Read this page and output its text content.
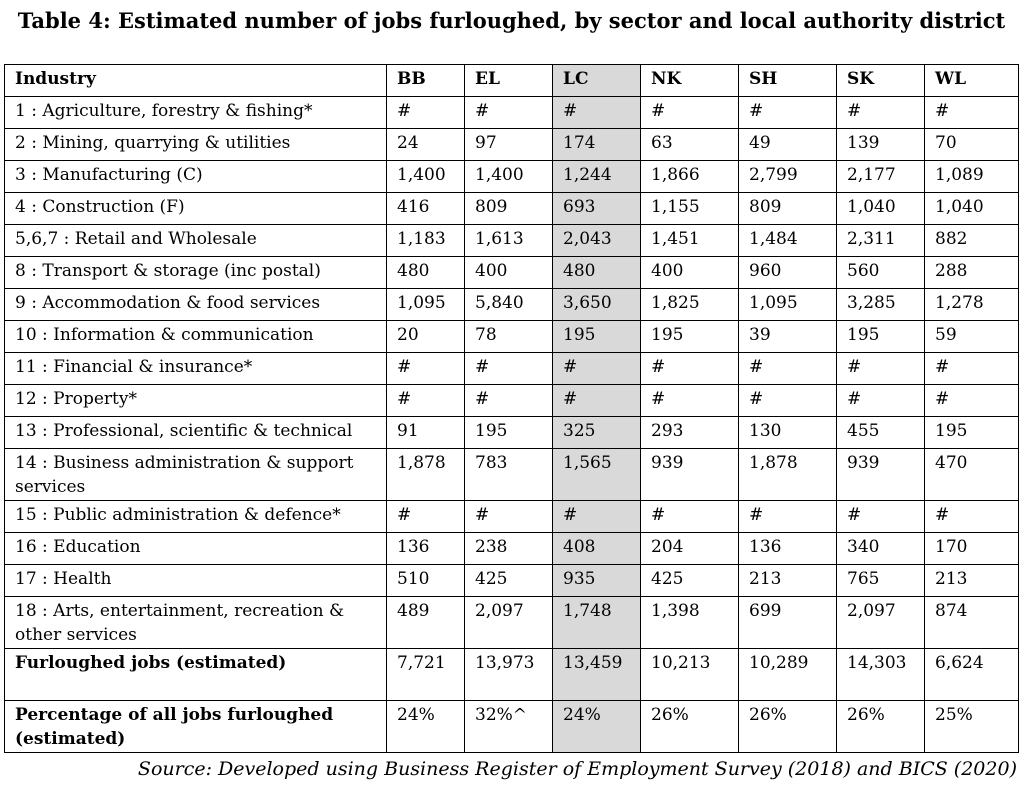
Table 4: Estimated number of jobs furloughed, by sector and local authority district
Industry	BB	EL	LC	NK	SH	SK	WL
1 : Agriculture, forestry & fishing*	#	#	#	#	#	#	#
2 : Mining, quarrying & utilities	24	97	174	63	49	139	70
3 : Manufacturing (C)	1,400	1,400	1,244	1,866	2,799	2,177	1,089
4 : Construction (F)	416	809	693	1,155	809	1,040	1,040
5,6,7 : Retail and Wholesale	1,183	1,613	2,043	1,451	1,484	2,311	882
8 : Transport & storage (inc postal)	480	400	480	400	960	560	288
9 : Accommodation & food services	1,095	5,840	3,650	1,825	1,095	3,285	1,278
10 : Information & communication	20	78	195	195	39	195	59
11 : Financial & insurance*	#	#	#	#	#	#	#
12 : Property*	#	#	#	#	#	#	#
13 : Professional, scientific & technical	91	195	325	293	130	455	195
14 : Business administration & support services	1,878	783	1,565	939	1,878	939	470
15 : Public administration & defence*	#	#	#	#	#	#	#
16 : Education	136	238	408	204	136	340	170
17 : Health	510	425	935	425	213	765	213
18 : Arts, entertainment, recreation & other services	489	2,097	1,748	1,398	699	2,097	874
Furloughed jobs (estimated)	7,721	13,973	13,459	10,213	10,289	14,303	6,624
Percentage of all jobs furloughed (estimated)	24%	32%^	24%	26%	26%	26%	25%
Source: Developed using Business Register of Employment Survey (2018) and BICS (2020)
